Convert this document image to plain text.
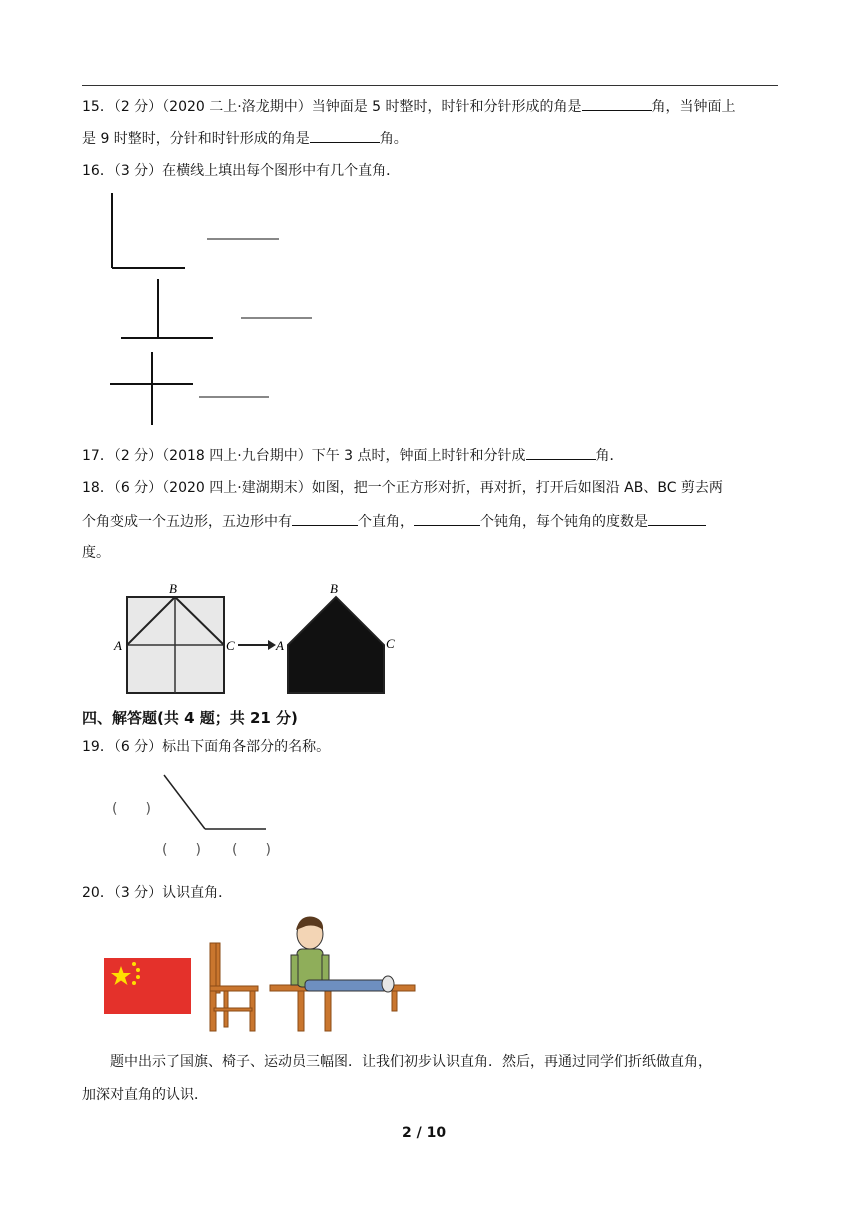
15．（2 分）（2020 二上·洛龙期中）当钟面是 5 时整时，时针和分针形成的角是	角，当钟面上
是 9 时整时，分针和时针形成的角是	角。
16．（3 分）在横线上填出每个图形中有几个直角．
17．（2 分）（2018 四上·九台期中）下午 3 点时，钟面上时针和分针成	角．
18．（6 分）（2020 四上·建湖期末）如图，把一个正方形对折，再对折，打开后如图沿 AB、BC 剪去两
个角变成一个五边形，五边形中有	个直角，	个钝角，每个钝角的度数是
度。
A
B
C	A
B
C
四、解答题(共 4 题；共 21 分)
19．（6 分）标出下面角各部分的名称。
(　　)
(　　) (　　)
20．（3 分）认识直角．
题中出示了国旗、椅子、运动员三幅图．让我们初步认识直角．然后，再通过同学们折纸做直角，
加深对直角的认识．
2 / 10
